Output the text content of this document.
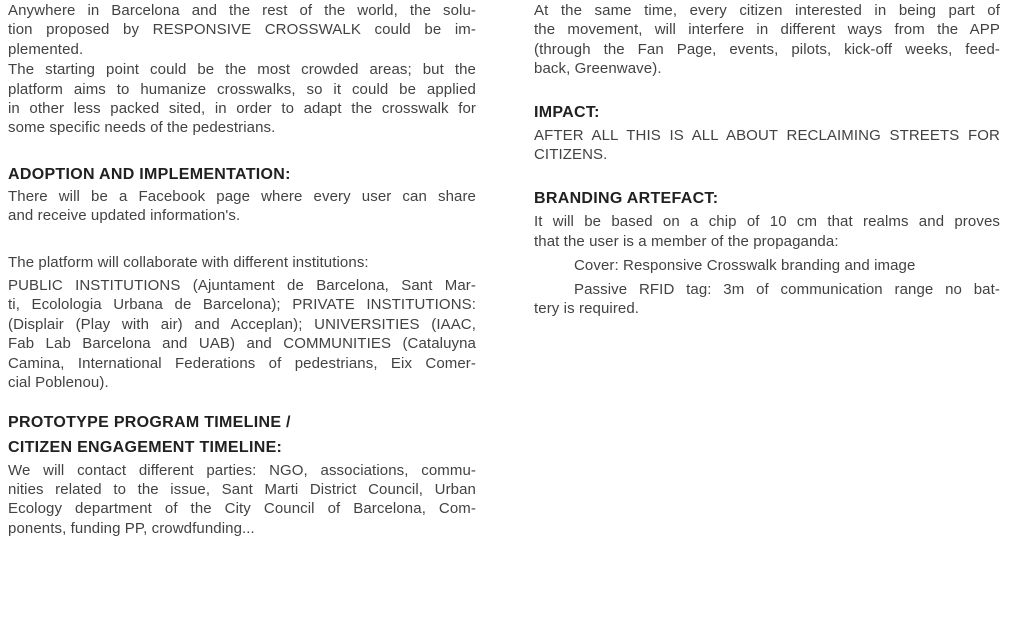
Anywhere in Barcelona and the rest of the world, the solu-
tion proposed by RESPONSIVE CROSSWALK could be im-
plemented.
The starting point could be the most crowded areas; but the
platform aims to humanize crosswalks, so it could be applied
in other less packed sited, in order to adapt the crosswalk for
some specific needs of the pedestrians.
ADOPTION AND IMPLEMENTATION:
There will be a Facebook page where every user can share
and receive updated information's.
The platform will collaborate with different institutions:
PUBLIC INSTITUTIONS (Ajuntament de Barcelona, Sant Mar-
ti, Ecolologia Urbana de Barcelona); PRIVATE INSTITUTIONS:
(Displair (Play with air) and Acceplan); UNIVERSITIES (IAAC,
Fab Lab Barcelona and UAB) and COMMUNITIES (Cataluyna
Camina, International Federations of pedestrians, Eix Comer-
cial Poblenou).
PROTOTYPE PROGRAM TIMELINE /
CITIZEN ENGAGEMENT TIMELINE:
We will contact different parties: NGO, associations, commu-
nities related to the issue, Sant Marti District Council, Urban
Ecology department of the City Council of Barcelona, Com-
ponents, funding PP, crowdfunding...
At the same time, every citizen interested in being part of
the movement, will interfere in different ways from the APP
(through the Fan Page, events, pilots, kick-off weeks, feed-
back, Greenwave).
IMPACT:
AFTER ALL THIS IS ALL ABOUT RECLAIMING STREETS FOR
CITIZENS.
BRANDING ARTEFACT:
It will be based on a chip of 10 cm that realms and proves
that the user is a member of the propaganda:
Cover: Responsive Crosswalk branding and image
Passive RFID tag: 3m of communication range no bat-
tery is required.
